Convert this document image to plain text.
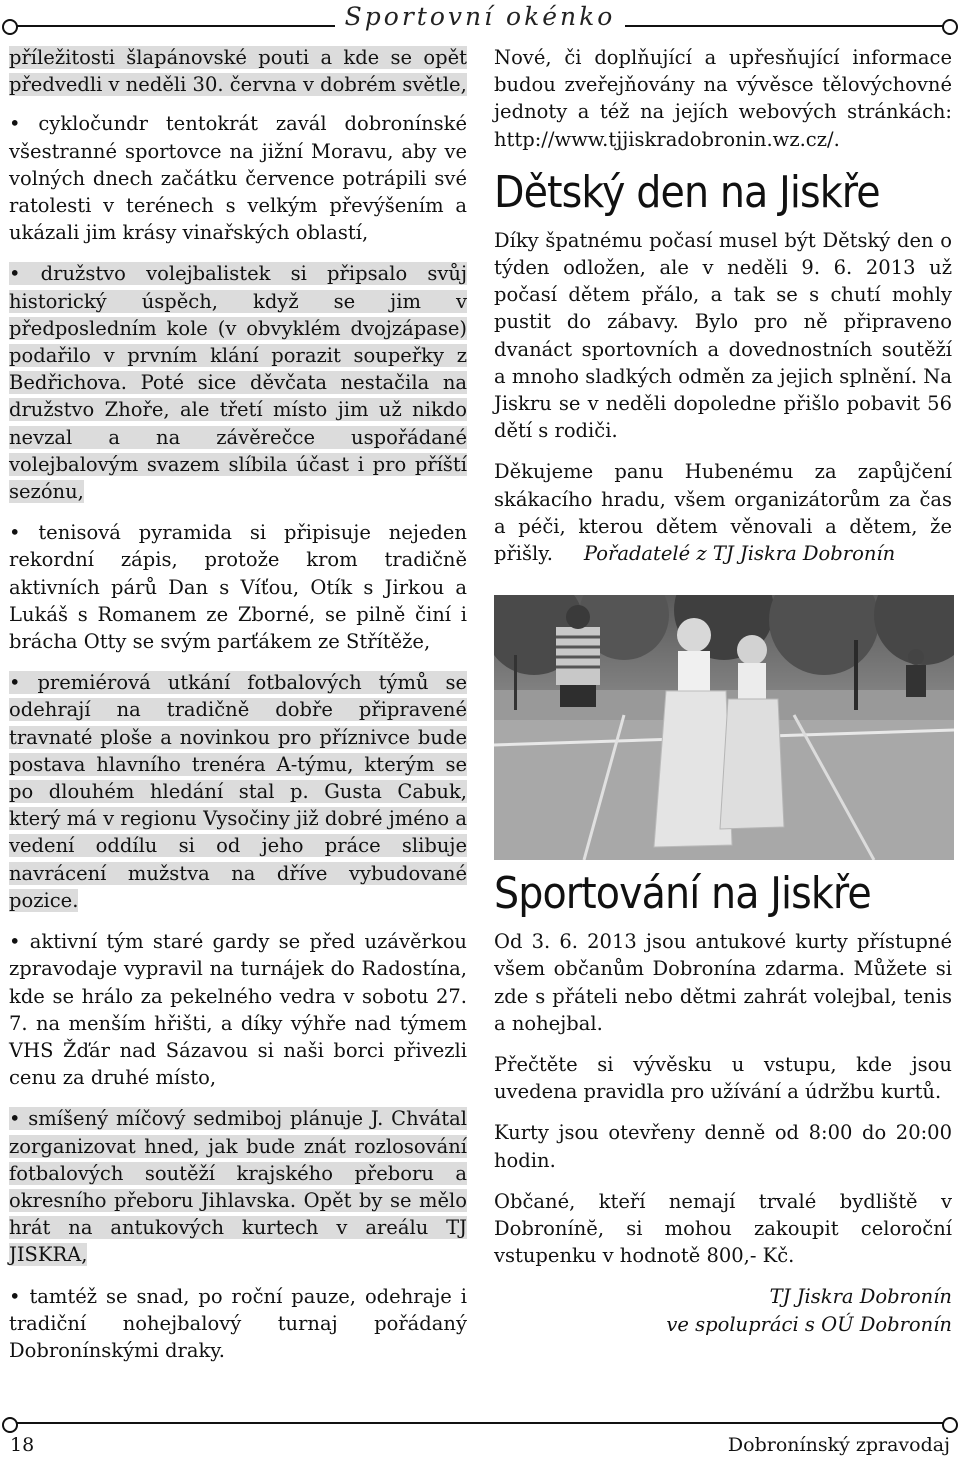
Sportovní okénko

příležitosti šlapánovské pouti a kde se opět předvedli v neděli 30. června v dobrém světle,

• cykločundr tentokrát zavál dobronínské všestranné sportovce na jižní Moravu, aby ve volných dnech začátku července potrápili své ratolesti v terénech s velkým převýšením a ukázali jim krásy vinařských oblastí,

• družstvo volejbalistek si připsalo svůj historický úspěch, když se jim v předposledním kole (v obvyklém dvojzápase) podařilo v prvním klání porazit soupeřky z Bedřichova. Poté sice děvčata nestačila na družstvo Zhoře, ale třetí místo jim už nikdo nevzal a na závěrečce uspořádané volejbalovým svazem slíbila účast i pro příští sezónu,

• tenisová pyramida si připisuje nejeden rekordní zápis, protože krom tradičně aktivních párů Dan s Víťou, Otík s Jirkou a Lukáš s Romanem ze Zborné, se pilně činí i brácha Otty se svým parťákem ze Střítěže,

• premiérová utkání fotbalových týmů se odehrají na tradičně dobře připravené travnaté ploše a novinkou pro příznivce bude postava hlavního trenéra A-týmu, kterým se po dlouhém hledání stal p. Gusta Cabuk, který má v regionu Vysočiny již dobré jméno a vedení oddílu si od jeho práce slibuje navrácení mužstva na dříve vybudované pozice.

• aktivní tým staré gardy se před uzávěrkou zpravodaje vypravil na turnájek do Radostína, kde se hrálo za pekelného vedra v sobotu 27. 7. na menším hřišti, a díky výhře nad týmem VHS Žďár nad Sázavou si naši borci přivezli cenu za druhé místo,

• smíšený míčový sedmiboj plánuje J. Chvátal zorganizovat hned, jak bude znát rozlosování fotbalových soutěží krajského přeboru a okresního přeboru Jihlavska. Opět by se mělo hrát na antukových kurtech v areálu TJ JISKRA,

• tamtéž se snad, po roční pauze, odehraje i tradiční nohejbalový turnaj pořádaný Dobronínskými draky.

Nové, či doplňující a upřesňující informace budou zveřejňovány na vývěsce tělovýchovné jednoty a též na jejích webových stránkách: http://www.tjjiskradobronin.wz.cz/.

Dětský den na Jiskře

Díky špatnému počasí musel být Dětský den o týden odložen, ale v neděli 9. 6. 2013 už počasí dětem přálo, a tak se s chutí mohly pustit do zábavy. Bylo pro ně připraveno dvanáct sportovních a dovednostních soutěží a mnoho sladkých odměn za jejich splnění. Na Jiskru se v neděli dopoledne přišlo pobavit 56 dětí s rodiči.

Děkujeme panu Hubenému za zapůjčení skákacího hradu, všem organizátorům za čas a péči, kterou dětem věnovali a dětem, že přišly. Pořadatelé z TJ Jiskra Dobronín

Sportování na Jiskře

Od 3. 6. 2013 jsou antukové kurty přístupné všem občanům Dobronína zdarma. Můžete si zde s přáteli nebo dětmi zahrát volejbal, tenis a nohejbal.

Přečtěte si vývěsku u vstupu, kde jsou uvedena pravidla pro užívání a údržbu kurtů.

Kurty jsou otevřeny denně od 8:00 do 20:00 hodin.

Občané, kteří nemají trvalé bydliště v Dobronínĕ, si mohou zakoupit celoroční vstupenku v hodnotě 800,- Kč.

TJ Jiskra Dobronín

ve spolupráci s OÚ Dobronín

18	Dobronínský zpravodaj
